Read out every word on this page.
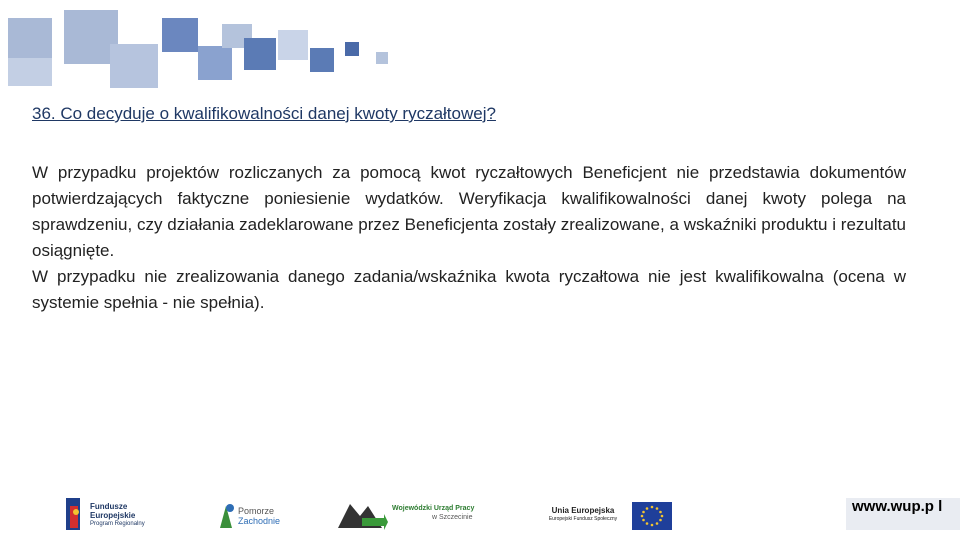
36. Co decyduje o kwalifikowalności danej kwoty ryczałtowej?

W przypadku projektów rozliczanych za pomocą kwot ryczałtowych Beneficjent nie przedstawia dokumentów potwierdzających faktyczne poniesienie wydatków. Weryfikacja kwalifikowalności danej kwoty polega na sprawdzeniu, czy działania zadeklarowane przez Beneficjenta zostały zrealizowane, a wskaźniki produktu i rezultatu osiągnięte.

W przypadku nie zrealizowania danego zadania/wskaźnika kwota ryczałtowa nie jest kwalifikowalna (ocena w systemie spełnia - nie spełnia).

Fundusze
Europejskie
Program Regionalny
Pomorze
Zachodnie
Wojewódzki Urząd Pracy
w Szczecinie
Unia Europejska
Europejski Fundusz Społeczny
www.wup.p l
